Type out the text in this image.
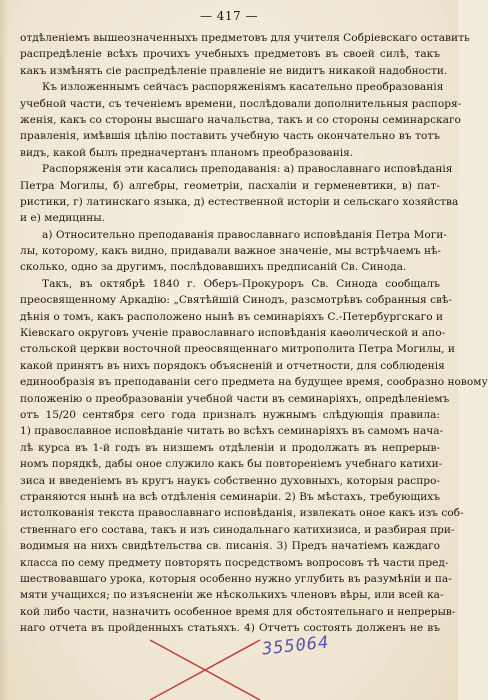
— 417 —
отдѣленіемъ вышеозначенныхъ предметовъ для учителя Собріевскаго оставить
распредѣленіе всѣхъ прочихъ учебныхъ предметовъ въ своей силѣ, такъ
какъ измѣнять сіе распредѣленіе правленіе не видитъ никакой надобности.
Къ изложеннымъ сейчасъ распоряженіямъ касательно преобразованія
учебной части, съ теченіемъ времени, послѣдовали дополнительныя распоря-
женія, какъ со стороны высшаго начальства, такъ и со стороны семинарскаго
правленія, имѣвшія цѣлію поставить учебную часть окончательно въ тотъ
видъ, какой былъ предначертанъ планомъ преобразованія.
Распоряженія эти касались преподаванія: а) православнаго исповѣданія
Петра Могилы, б) алгебры, геометріи, пасхаліи и герменевтики, в) пат-
ристики, г) латинскаго языка, д) естественной исторіи и сельскаго хозяйства
и е) медицины.
а) Относительно преподаванія православнаго исповѣданія Петра Моги-
лы, которому, какъ видно, придавали важное значеніе, мы встрѣчаемъ нѣ-
сколько, одно за другимъ, послѣдовавшихъ предписаній Св. Синода.
Такъ, въ октябрѣ 1840 г. Оберъ-Прокуроръ Св. Синода сообщалъ
преосвященному Аркадію: „Святѣйшій Синодъ, разсмотрѣвъ собранныя свѣ-
дѣнія о томъ, какъ расположено нынѣ въ семинаріяхъ С.-Петербургскаго и
Кіевскаго округовъ ученіе православнаго исповѣданія каѳолической и апо-
стольской церкви восточной преосвященнаго митрополита Петра Могилы, и
какой принятъ въ нихъ порядокъ объясненій и отчетности, для соблюденія
единообразія въ преподаваніи сего предмета на будущее время, сообразно новому
положенію о преобразованіи учебной части въ семинаріяхъ, опредѣленіемъ
отъ 15/20 сентября сего года призналъ нужнымъ слѣдующія правила:
1) православное исповѣданіе читать во всѣхъ семинаріяхъ въ самомъ нача-
лѣ курса въ 1-й годъ въ низшемъ отдѣленіи и продолжать въ непрерыв-
номъ порядкѣ, дабы оное служило какъ бы повтореніемъ учебнаго катихи-
зиса и введеніемъ въ кругъ наукъ собственно духовныхъ, которыя распро-
страняются нынѣ на всѣ отдѣленія семинаріи. 2) Въ мѣстахъ, требующихъ
истолкованія текста православнаго исповѣданія, извлекать оное какъ изъ соб-
ственнаго его состава, такъ и изъ синодальнаго катихизиса, и разбирая при-
водимыя на нихъ свидѣтельства св. писанія. 3) Предъ начатіемъ каждаго
класса по сему предмету повторять посредствомъ вопросовъ тѣ части пред-
шествовавшаго урока, которыя особенно нужно углубить въ разумѣніи и па-
мяти учащихся; по изъясненіи же нѣсколькихъ членовъ вѣры, или всей ка-
кой либо части, назначить особенное время для обстоятельнаго и непрерыв-
наго отчета въ пройденныхъ статьяхъ. 4) Отчетъ состоять долженъ не въ
355064
